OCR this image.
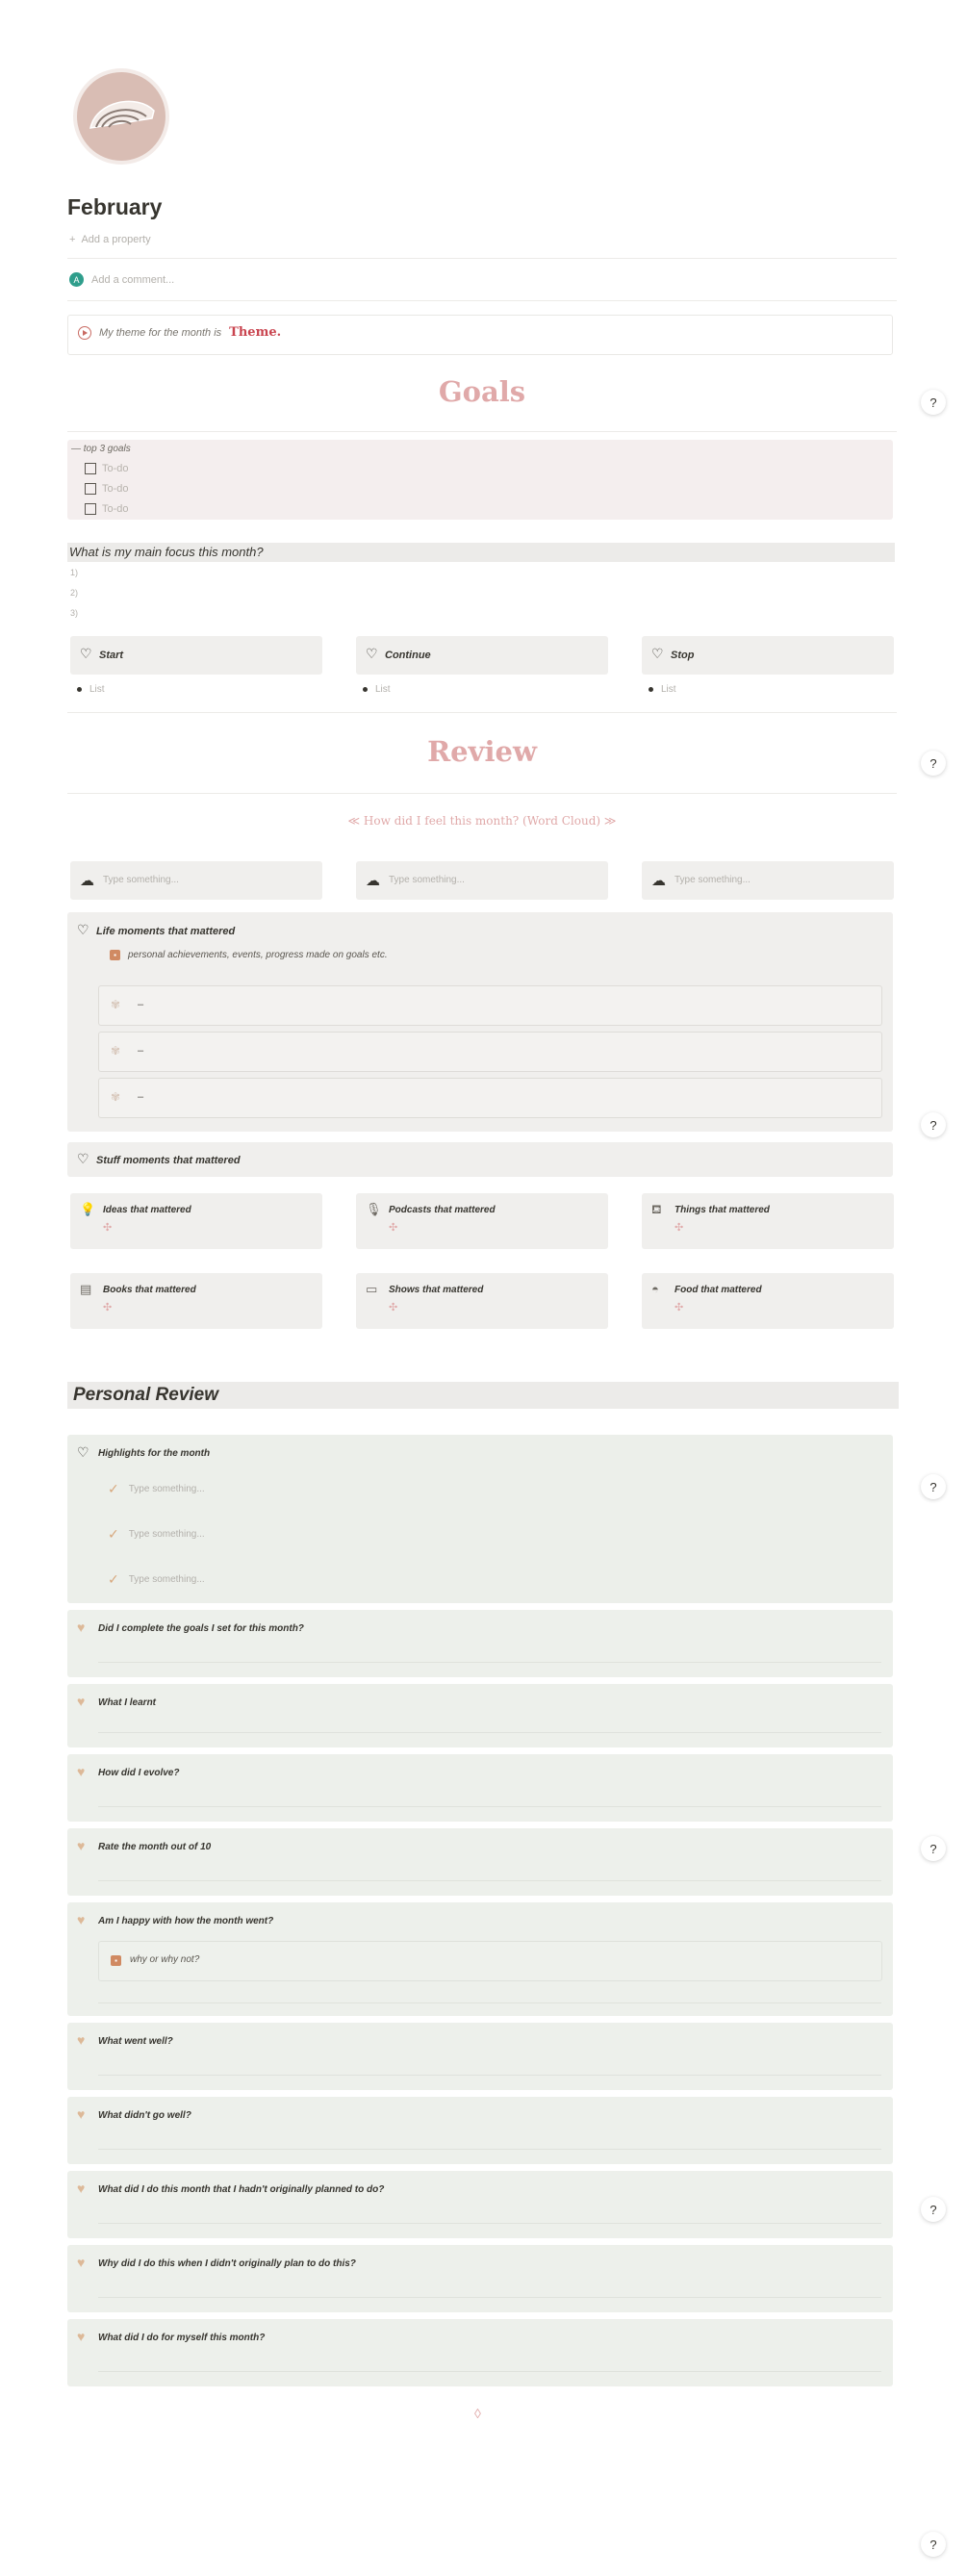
February
+ Add a property
A	Add a comment...
My theme for the month is Theme.
Goals
— top 3 goals
To-do
To-do
To-do
What is my main focus this month?
1)
2)
3)
♡ Start	♡ Continue	♡ Stop
List	List	List
Review
≪ How did I feel this month? (Word Cloud) ≫
☁ Type something...	☁ Type something...	☁ Type something...
♡ Life moments that mattered
▪	personal achievements, events, progress made on goals etc.
✾ –
✾ –
✾ –
♡ Stuff moments that mattered
💡 Ideas that mattered
✣
🎙 Podcasts that mattered
✣
⛾ Things that mattered
✣
▤ Books that mattered
✣
▭ Shows that mattered
✣
◓ Food that mattered
✣
Personal Review
♡ Highlights for the month
✓ Type something...
✓ Type something...
✓ Type something...
♥ Did I complete the goals I set for this month?
♥ What I learnt
♥ How did I evolve?
♥ Rate the month out of 10
♥ Am I happy with how the month went?
▪	why or why not?
♥ What went well?
♥ What didn't go well?
♥ What did I do this month that I hadn't originally planned to do?
♥ Why did I do this when I didn't originally plan to do this?
♥ What did I do for myself this month?
◊
?
?
?
?
?
?
?
